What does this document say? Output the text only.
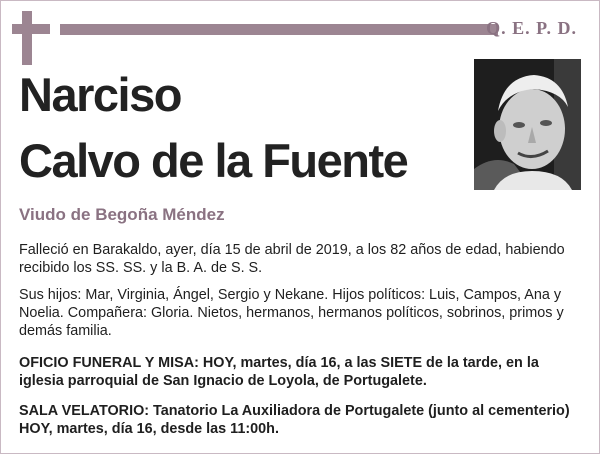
Q. E. P. D.
Narciso
Calvo de la Fuente
Viudo de Begoña Méndez

Falleció en Barakaldo, ayer, día 15 de abril de 2019, a los 82 años de edad, habiendo recibido los SS. SS. y la B. A. de S. S.

Sus hijos: Mar, Virginia, Ángel, Sergio y Nekane. Hijos políticos: Luis, Campos, Ana y Noelia. Compañera: Gloria. Nietos, hermanos, hermanos políticos, sobrinos, primos y demás familia.

OFICIO FUNERAL Y MISA: HOY, martes, día 16, a las SIETE de la tarde, en la iglesia parroquial de San Ignacio de Loyola, de Portugalete.

SALA VELATORIO: Tanatorio La Auxiliadora de Portugalete (junto al cementerio) HOY, martes, día 16, desde las 11:00h.
